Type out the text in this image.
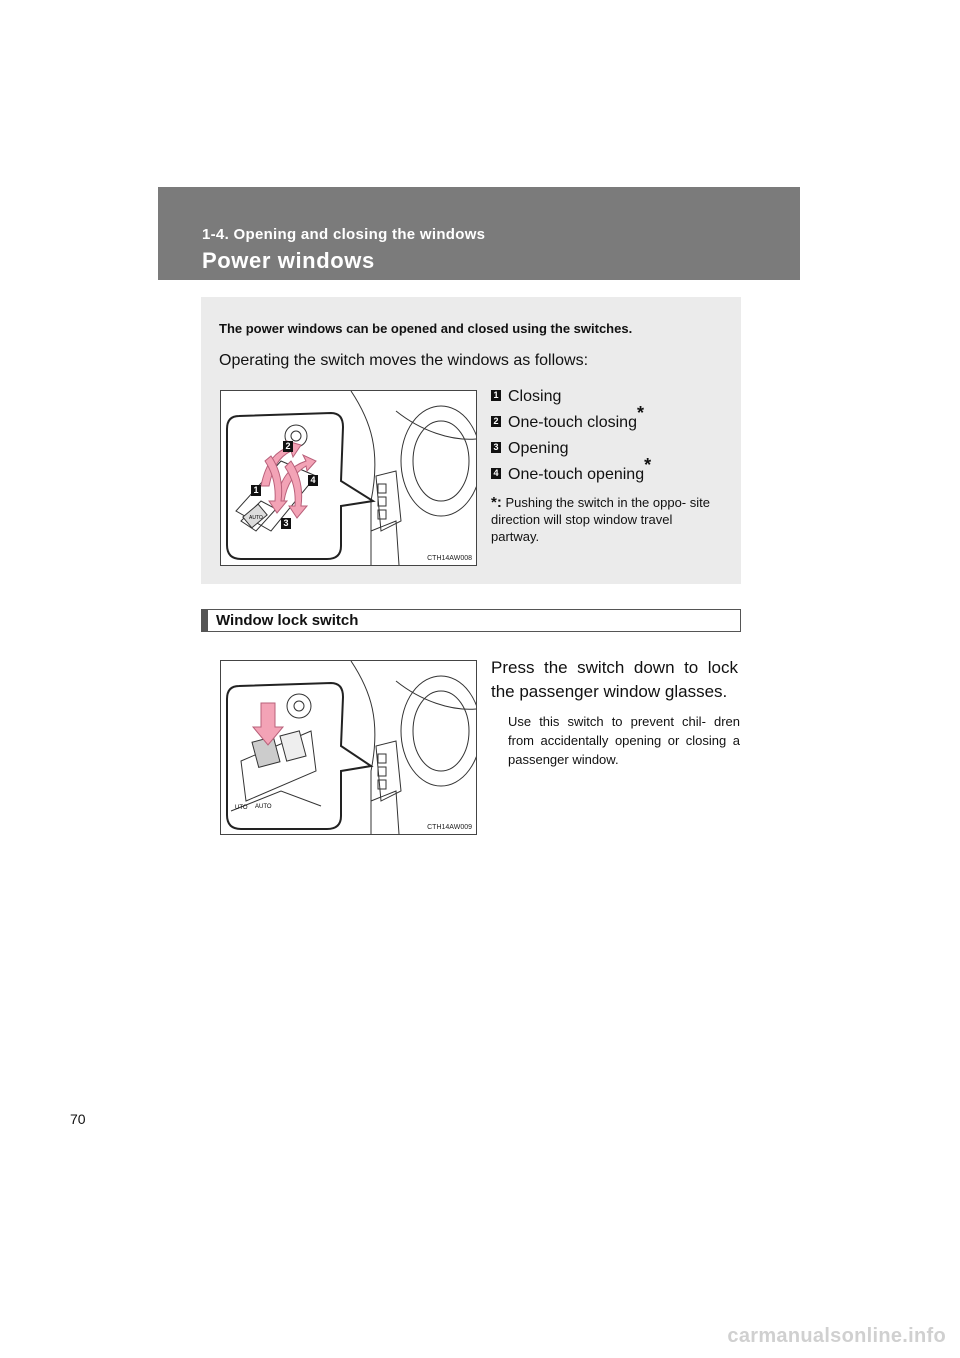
1-4. Opening and closing the windows
Power windows
The power windows can be opened and closed using the switches.
Operating the switch moves the windows as follows:
AUTO
1
2
3
4
CTH14AW008
1 Closing
2 One-touch closing*
3 Opening
4 One-touch opening*
*: Pushing the switch in the oppo- site direction will stop window travel partway.
Window lock switch
UTO AUTO
CTH14AW009
Press the switch down to lock the passenger window glasses.
Use this switch to prevent chil- dren from accidentally opening or closing a passenger window.
70
carmanualsonline.info
